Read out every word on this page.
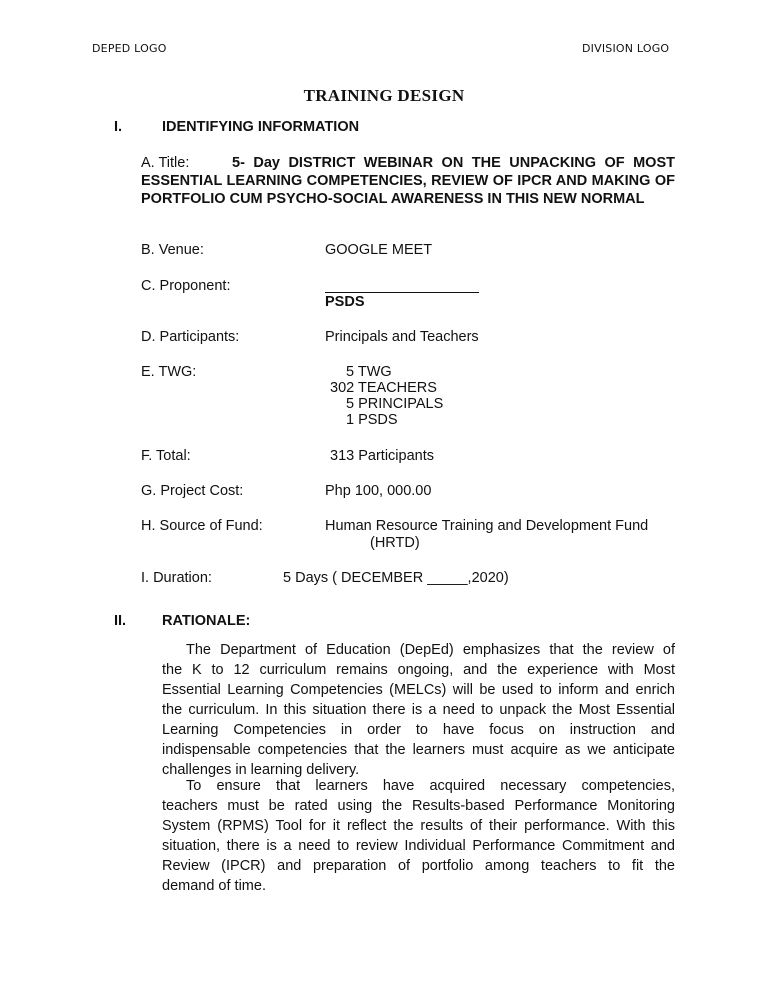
DEPED LOGO	DIVISION LOGO
TRAINING DESIGN
I.	IDENTIFYING INFORMATION
A. Title:	5- Day DISTRICT WEBINAR ON THE UNPACKING OF MOST ESSENTIAL LEARNING COMPETENCIES, REVIEW OF IPCR AND MAKING OF PORTFOLIO CUM PSYCHO-SOCIAL AWARENESS IN THIS NEW NORMAL
B. Venue:	GOOGLE MEET
C. Proponent:
PSDS
D. Participants:	Principals and Teachers
E. TWG:	5 TWG
302 TEACHERS
5 PRINCIPALS
1 PSDS
F. Total:	313 Participants
G. Project Cost:	Php 100, 000.00
H. Source of Fund:	Human Resource Training and Development Fund
(HRTD)
I. Duration:	5 Days ( DECEMBER _____,2020)
II. RATIONALE:
The Department of Education (DepEd) emphasizes that the review of
the K to 12 curriculum remains ongoing, and the experience with Most
Essential Learning Competencies (MELCs) will be used to inform and enrich
the curriculum. In this situation there is a need to unpack the Most Essential
Learning Competencies in order to have focus on instruction and
indispensable competencies that the learners must acquire as we anticipate
challenges in learning delivery.
To ensure that learners have acquired necessary competencies,
teachers must be rated using the Results-based Performance Monitoring
System (RPMS) Tool for it reflect the results of their performance. With this
situation, there is a need to review Individual Performance Commitment and
Review (IPCR) and preparation of portfolio among teachers to fit the
demand of time.
